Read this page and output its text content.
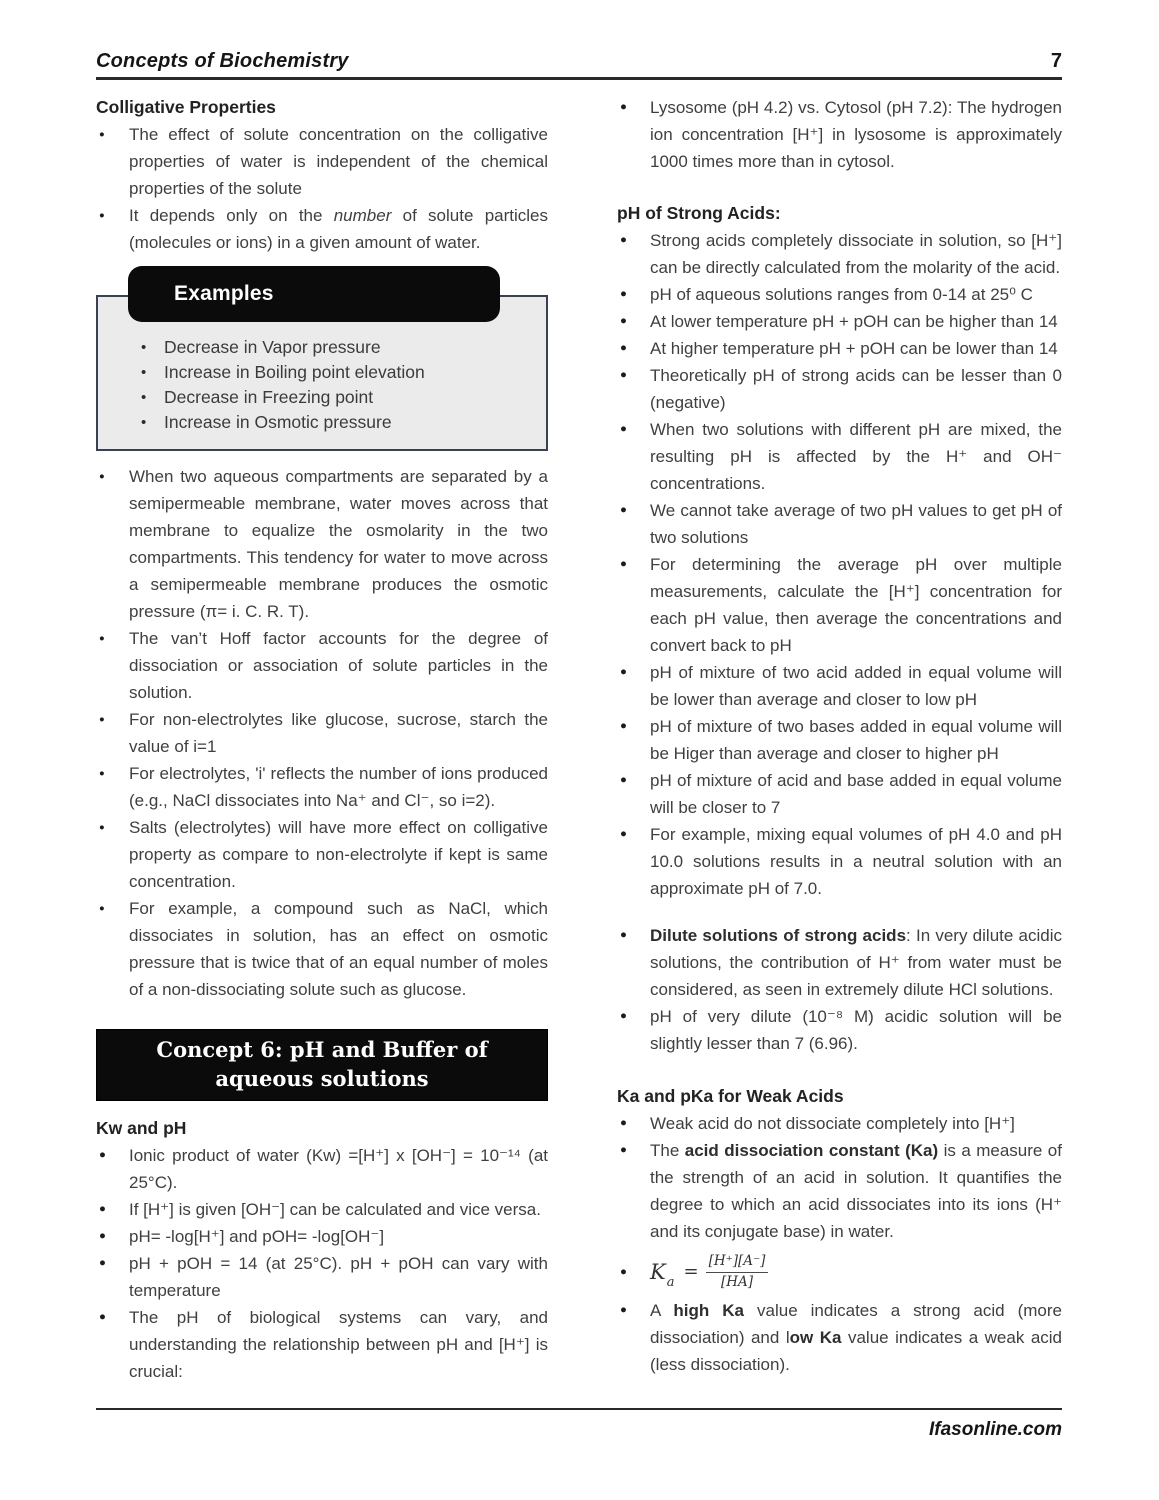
Concepts of Biochemistry	7
Colligative Properties
● The effect of solute concentration on the colligative properties of water is independent of the chemical properties of the solute
● It depends only on the number of solute particles (molecules or ions) in a given amount of water.
Examples
• Decrease in Vapor pressure
• Increase in Boiling point elevation
• Decrease in Freezing point
• Increase in Osmotic pressure
● When two aqueous compartments are separated by a semipermeable membrane, water moves across that membrane to equalize the osmolarity in the two compartments. This tendency for water to move across a semipermeable membrane produces the osmotic pressure (π= i. C. R. T).
● The van’t Hoff factor accounts for the degree of dissociation or association of solute particles in the solution.
● For non-electrolytes like glucose, sucrose, starch the value of i=1
● For electrolytes, 'i' reflects the number of ions produced (e.g., NaCl dissociates into Na⁺ and Cl⁻, so i=2).
● Salts (electrolytes) will have more effect on colligative property as compare to non-electrolyte if kept is same concentration.
● For example, a compound such as NaCl, which dissociates in solution, has an effect on osmotic pressure that is twice that of an equal number of moles of a non-dissociating solute such as glucose.
Concept 6: pH and Buffer of aqueous solutions
Kw and pH
● Ionic product of water (Kw) =[H⁺] x [OH⁻] = 10⁻¹⁴ (at 25°C).
● If [H⁺] is given [OH⁻] can be calculated and vice versa.
● pH= -log[H⁺] and pOH= -log[OH⁻]
● pH + pOH = 14 (at 25°C). pH + pOH can vary with temperature
● The pH of biological systems can vary, and understanding the relationship between pH and [H⁺] is crucial:
● Lysosome (pH 4.2) vs. Cytosol (pH 7.2): The hydrogen ion concentration [H⁺] in lysosome is approximately 1000 times more than in cytosol.
pH of Strong Acids:
● Strong acids completely dissociate in solution, so [H⁺] can be directly calculated from the molarity of the acid.
● pH of aqueous solutions ranges from 0-14 at 25⁰ C
● At lower temperature pH + pOH can be higher than 14
● At higher temperature pH + pOH can be lower than 14
● Theoretically pH of strong acids can be lesser than 0 (negative)
● When two solutions with different pH are mixed, the resulting pH is affected by the H⁺ and OH⁻ concentrations.
● We cannot take average of two pH values to get pH of two solutions
● For determining the average pH over multiple measurements, calculate the [H⁺] concentration for each pH value, then average the concentrations and convert back to pH
● pH of mixture of two acid added in equal volume will be lower than average and closer to low pH
● pH of mixture of two bases added in equal volume will be Higer than average and closer to higher pH
● pH of mixture of acid and base added in equal volume will be closer to 7
● For example, mixing equal volumes of pH 4.0 and pH 10.0 solutions results in a neutral solution with an approximate pH of 7.0.
● Dilute solutions of strong acids: In very dilute acidic solutions, the contribution of H⁺ from water must be considered, as seen in extremely dilute HCl solutions.
● pH of very dilute (10⁻⁸ M) acidic solution will be slightly lesser than 7 (6.96).
Ka and pKa for Weak Acids
● Weak acid do not dissociate completely into [H⁺]
● The acid dissociation constant (Ka) is a measure of the strength of an acid in solution. It quantifies the degree to which an acid dissociates into its ions (H⁺ and its conjugate base) in water.
● K a
= $\frac{[H^+][A^-]}{[HA]}$
● A high Ka value indicates a strong acid (more dissociation) and low Ka value indicates a weak acid (less dissociation).
Ifasonline.com
